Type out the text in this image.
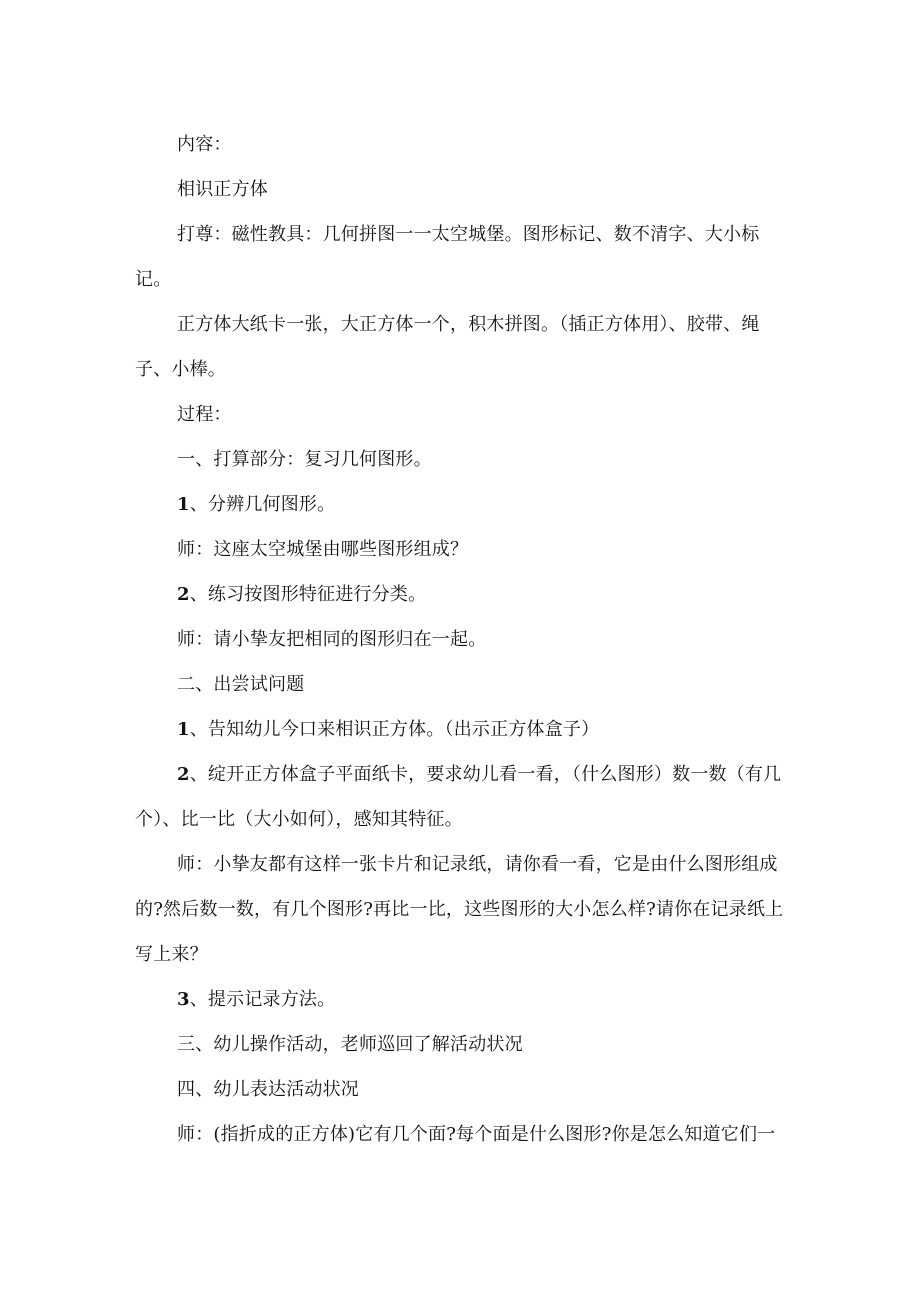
内容：

相识正方体

打尊：磁性教具：几何拼图一一太空城堡。图形标记、数不清字、大小标记。

正方体大纸卡一张，大正方体一个，积木拼图。（插正方体用）、胶带、绳子、小棒。

过程：

一、打算部分：复习几何图形。

1、分辨几何图形。

师：这座太空城堡由哪些图形组成？

2、练习按图形特征进行分类。

师：请小挚友把相同的图形归在一起。

二、出尝试问题

1、告知幼儿今口来相识正方体。（出示正方体盒子）

2、绽开正方体盒子平面纸卡，要求幼儿看一看，（什么图形）数一数（有几个）、比一比（大小如何），感知其特征。

师：小挚友都有这样一张卡片和记录纸，请你看一看，它是由什么图形组成的?然后数一数，有几个图形?再比一比，这些图形的大小怎么样?请你在记录纸上写上来？

3、提示记录方法。

三、幼儿操作活动，老师巡回了解活动状况

四、幼儿表达活动状况

师：(指折成的正方体)它有几个面?每个面是什么图形?你是怎么知道它们一
